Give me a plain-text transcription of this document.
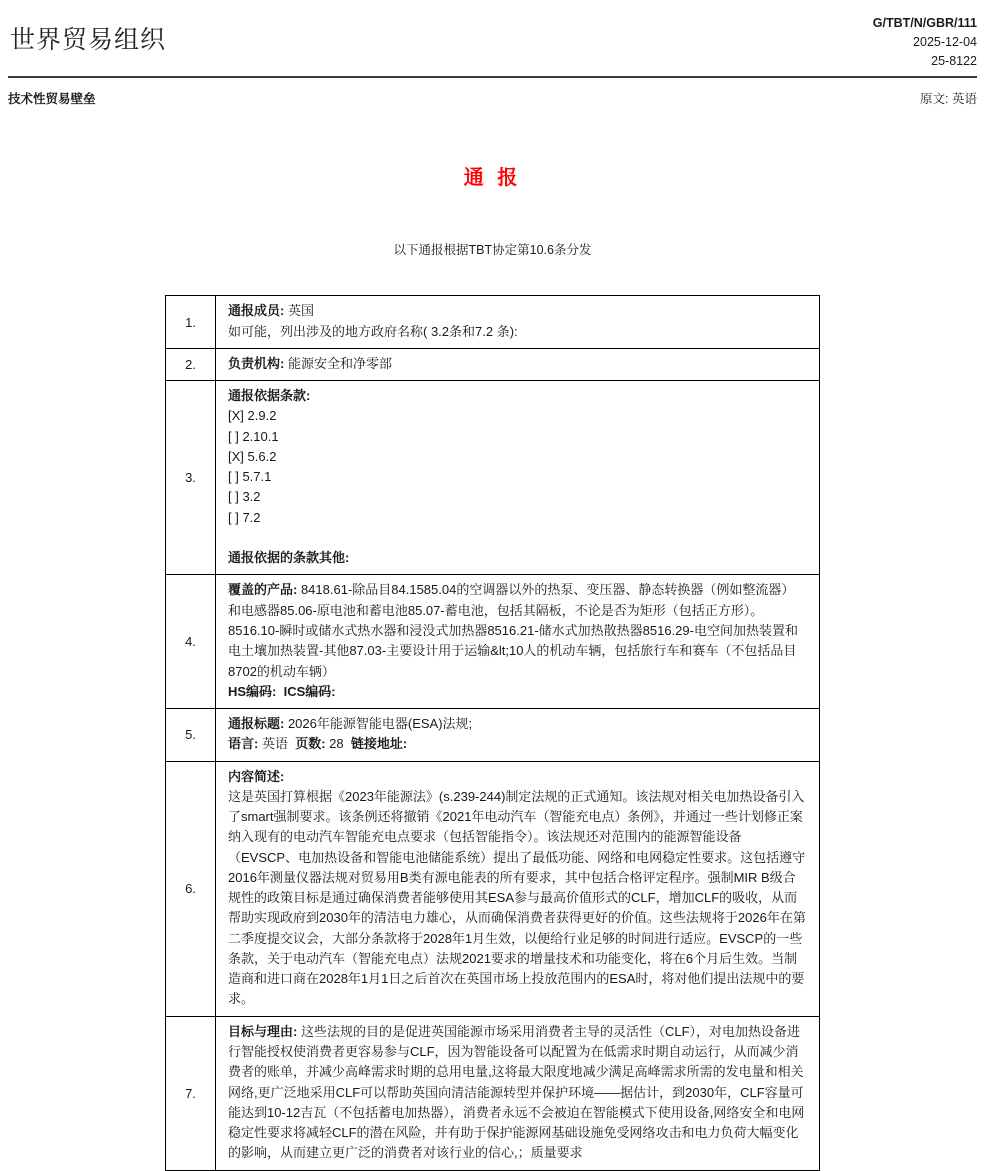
世界贸易组织
G/TBT/N/GBR/111
2025-12-04
25-8122
技术性贸易壁垒	原文: 英语
通 报
以下通报根据TBT协定第10.6条分发
1.	通报成员: 英国
如可能，列出涉及的地方政府名称( 3.2条和7.2 条):

2.	负责机构: 能源安全和净零部

3.	
通报依据条款:
[X] 2.9.2
[ ] 2.10.1
[X] 5.6.2
[ ] 5.7.1
[ ] 3.2
[ ] 7.2

通报依据的条款其他:

4.	覆盖的产品: 8418.61-除品目84.1585.04的空调器以外的热泵、变压器、静态转换器（例如整流器）和电感器85.06-原电池和蓄电池85.07-蓄电池，包括其隔板，不论是否为矩形（包括正方形）。8516.10-瞬时或储水式热水器和浸没式加热器8516.21-储水式加热散热器8516.29-电空间加热装置和电土壤加热装置-其他87.03-主要设计用于运输&lt;10人的机动车辆，包括旅行车和赛车（不包括品目8702的机动车辆）
HS编码: ICS编码:

5.	通报标题: 2026年能源智能电器(ESA)法规;
语言: 英语  页数: 28  链接地址:

6.	内容简述:
这是英国打算根据《2023年能源法》(s.239-244)制定法规的正式通知。该法规对相关电加热设备引入了smart强制要求。该条例还将撤销《2021年电动汽车（智能充电点）条例》，并通过一些计划修正案纳入现有的电动汽车智能充电点要求（包括智能指令）。该法规还对范围内的能源智能设备（EVSCP、电加热设备和智能电池储能系统）提出了最低功能、网络和电网稳定性要求。这包括遵守2016年测量仪器法规对贸易用B类有源电能表的所有要求，其中包括合格评定程序。强制MIR B级合规性的政策目标是通过确保消费者能够使用其ESA参与最高价值形式的CLF，增加CLF的吸收，从而帮助实现政府到2030年的清洁电力雄心，从而确保消费者获得更好的价值。这些法规将于2026年在第二季度提交议会，大部分条款将于2028年1月生效，以便给行业足够的时间进行适应。EVSCP的一些条款，关于电动汽车（智能充电点）法规2021要求的增量技术和功能变化，将在6个月后生效。当制造商和进口商在2028年1月1日之后首次在英国市场上投放范围内的ESA时，将对他们提出法规中的要求。

7.	目标与理由: 这些法规的目的是促进英国能源市场采用消费者主导的灵活性（CLF），对电加热设备进行智能授权使消费者更容易参与CLF，因为智能设备可以配置为在低需求时期自动运行，从而减少消费者的账单，并减少高峰需求时期的总用电量,这将最大限度地减少满足高峰需求所需的发电量和相关网络,更广泛地采用CLF可以帮助英国向清洁能源转型并保护环境——据估计，到2030年，CLF容量可能达到10-12吉瓦（不包括蓄电加热器），消费者永远不会被迫在智能模式下使用设备,网络安全和电网稳定性要求将减轻CLF的潜在风险，并有助于保护能源网基础设施免受网络攻击和电力负荷大幅变化的影响，从而建立更广泛的消费者对该行业的信心,；质量要求
